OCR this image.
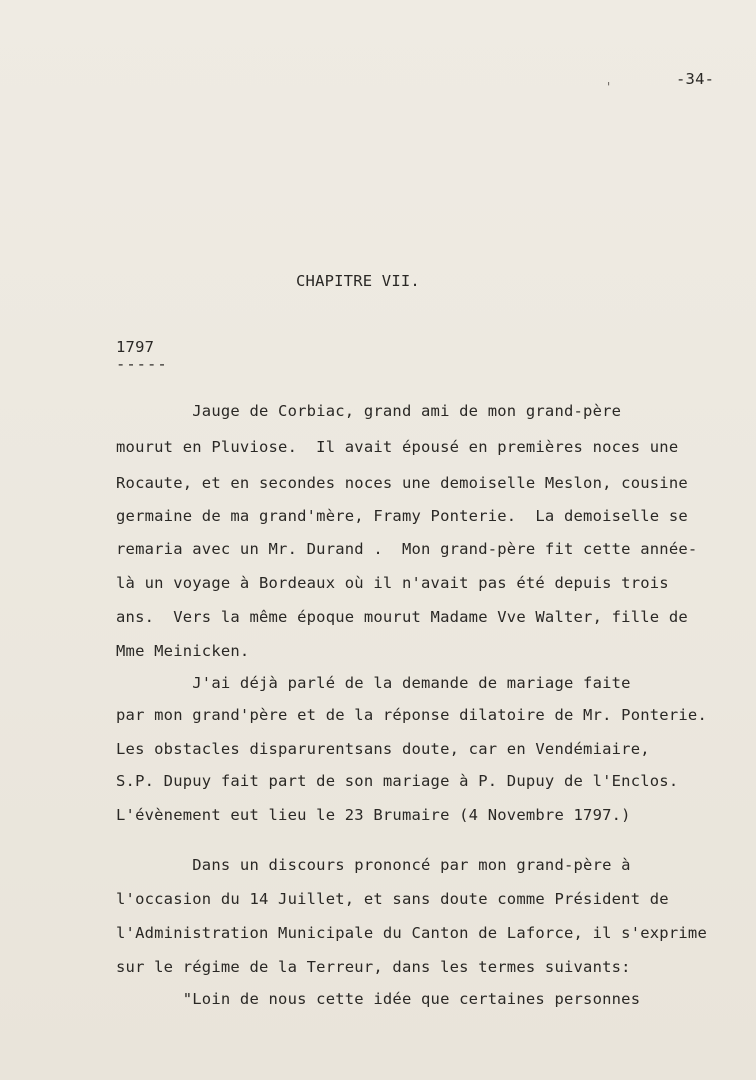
-34-
'
CHAPITRE VII.
1797
-----
Jauge de Corbiac, grand ami de mon grand-père
mourut en Pluviose.  Il avait épousé en premières noces une
Rocaute, et en secondes noces une demoiselle Meslon, cousine
germaine de ma grand'mère, Framy Ponterie.  La demoiselle se
remaria avec un Mr. Durand .  Mon grand-père fit cette année-
là un voyage à Bordeaux où il n'avait pas été depuis trois
ans.  Vers la même époque mourut Madame Vve Walter, fille de
Mme Meinicken.
J'ai déjà parlé de la demande de mariage faite
par mon grand'père et de la réponse dilatoire de Mr. Ponterie.
Les obstacles disparurentsans doute, car en Vendémiaire,
S.P. Dupuy fait part de son mariage à P. Dupuy de l'Enclos.
L'évènement eut lieu le 23 Brumaire (4 Novembre 1797.)
Dans un discours prononcé par mon grand-père à
l'occasion du 14 Juillet, et sans doute comme Président de
l'Administration Municipale du Canton de Laforce, il s'exprime
sur le régime de la Terreur, dans les termes suivants:
"Loin de nous cette idée que certaines personnes
